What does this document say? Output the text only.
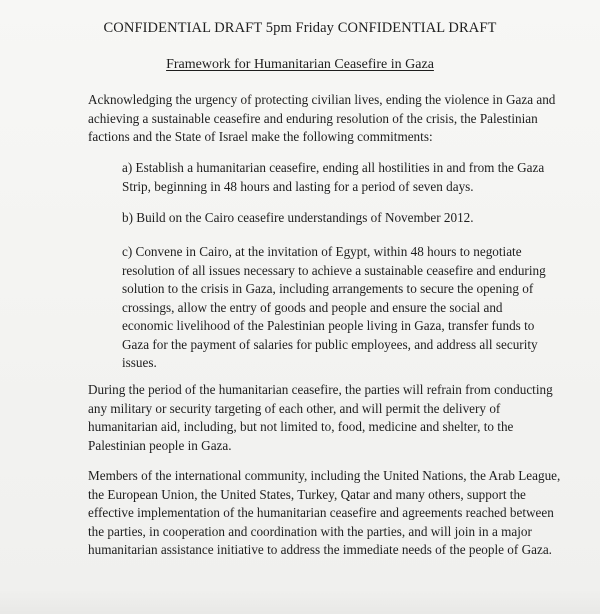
CONFIDENTIAL DRAFT 5pm Friday CONFIDENTIAL DRAFT
Framework for Humanitarian Ceasefire in Gaza

Acknowledging the urgency of protecting civilian lives, ending the violence in Gaza and
achieving a sustainable ceasefire and enduring resolution of the crisis, the Palestinian
factions and the State of Israel make the following commitments:

a) Establish a humanitarian ceasefire, ending all hostilities in and from the Gaza
Strip, beginning in 48 hours and lasting for a period of seven days.

b) Build on the Cairo ceasefire understandings of November 2012.

c) Convene in Cairo, at the invitation of Egypt, within 48 hours to negotiate
resolution of all issues necessary to achieve a sustainable ceasefire and enduring
solution to the crisis in Gaza, including arrangements to secure the opening of
crossings, allow the entry of goods and people and ensure the social and
economic livelihood of the Palestinian people living in Gaza, transfer funds to
Gaza for the payment of salaries for public employees, and address all security
issues.

During the period of the humanitarian ceasefire, the parties will refrain from conducting
any military or security targeting of each other, and will permit the delivery of
humanitarian aid, including, but not limited to, food, medicine and shelter, to the
Palestinian people in Gaza.

Members of the international community, including the United Nations, the Arab League,
the European Union, the United States, Turkey, Qatar and many others, support the
effective implementation of the humanitarian ceasefire and agreements reached between
the parties, in cooperation and coordination with the parties, and will join in a major
humanitarian assistance initiative to address the immediate needs of the people of Gaza.
